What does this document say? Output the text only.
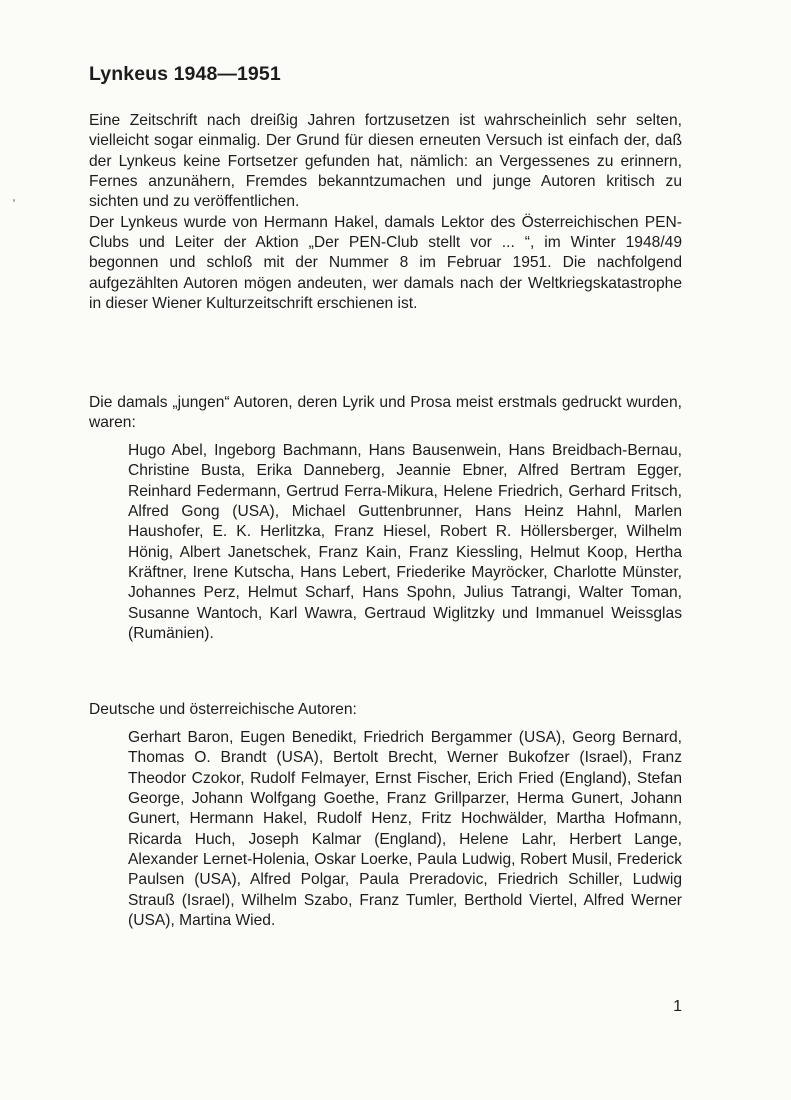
Lynkeus 1948—1951

Eine Zeitschrift nach dreißig Jahren fortzusetzen ist wahrscheinlich sehr selten, vielleicht sogar einmalig. Der Grund für diesen erneuten Versuch ist einfach der, daß der Lynkeus keine Fortsetzer gefunden hat, nämlich: an Vergessenes zu erinnern, Fernes anzunähern, Fremdes bekanntzumachen und junge Autoren kritisch zu sichten und zu veröffentlichen.

Der Lynkeus wurde von Hermann Hakel, damals Lektor des Österreichischen PEN-Clubs und Leiter der Aktion „Der PEN-Club stellt vor ... “, im Winter 1948/49 begonnen und schloß mit der Nummer 8 im Februar 1951. Die nachfolgend aufgezählten Autoren mögen andeuten, wer damals nach der Weltkriegskatastrophe in dieser Wiener Kulturzeitschrift erschienen ist.

Die damals „jungen“ Autoren, deren Lyrik und Prosa meist erstmals gedruckt wurden, waren:
Hugo Abel, Ingeborg Bachmann, Hans Bausenwein, Hans Breidbach-Bernau, Christine Busta, Erika Danneberg, Jeannie Ebner, Alfred Bertram Egger, Reinhard Federmann, Gertrud Ferra-Mikura, Helene Friedrich, Gerhard Fritsch, Alfred Gong (USA), Michael Guttenbrunner, Hans Heinz Hahnl, Marlen Haushofer, E. K. Herlitzka, Franz Hiesel, Robert R. Höllersberger, Wilhelm Hönig, Albert Janetschek, Franz Kain, Franz Kiessling, Helmut Koop, Hertha Kräftner, Irene Kutscha, Hans Lebert, Friederike Mayröcker, Charlotte Münster, Johannes Perz, Helmut Scharf, Hans Spohn, Julius Tatrangi, Walter Toman, Susanne Wantoch, Karl Wawra, Gertraud Wiglitzky und Immanuel Weissglas (Rumänien).
Deutsche und österreichische Autoren:
Gerhart Baron, Eugen Benedikt, Friedrich Bergammer (USA), Georg Bernard, Thomas O. Brandt (USA), Bertolt Brecht, Werner Bukofzer (Israel), Franz Theodor Czokor, Rudolf Felmayer, Ernst Fischer, Erich Fried (England), Stefan George, Johann Wolfgang Goethe, Franz Grillparzer, Herma Gunert, Johann Gunert, Hermann Hakel, Rudolf Henz, Fritz Hochwälder, Martha Hofmann, Ricarda Huch, Joseph Kalmar (England), Helene Lahr, Herbert Lange, Alexander Lernet-Holenia, Oskar Loerke, Paula Ludwig, Robert Musil, Frederick Paulsen (USA), Alfred Polgar, Paula Preradovic, Friedrich Schiller, Ludwig Strauß (Israel), Wilhelm Szabo, Franz Tumler, Berthold Viertel, Alfred Werner (USA), Martina Wied.
1
